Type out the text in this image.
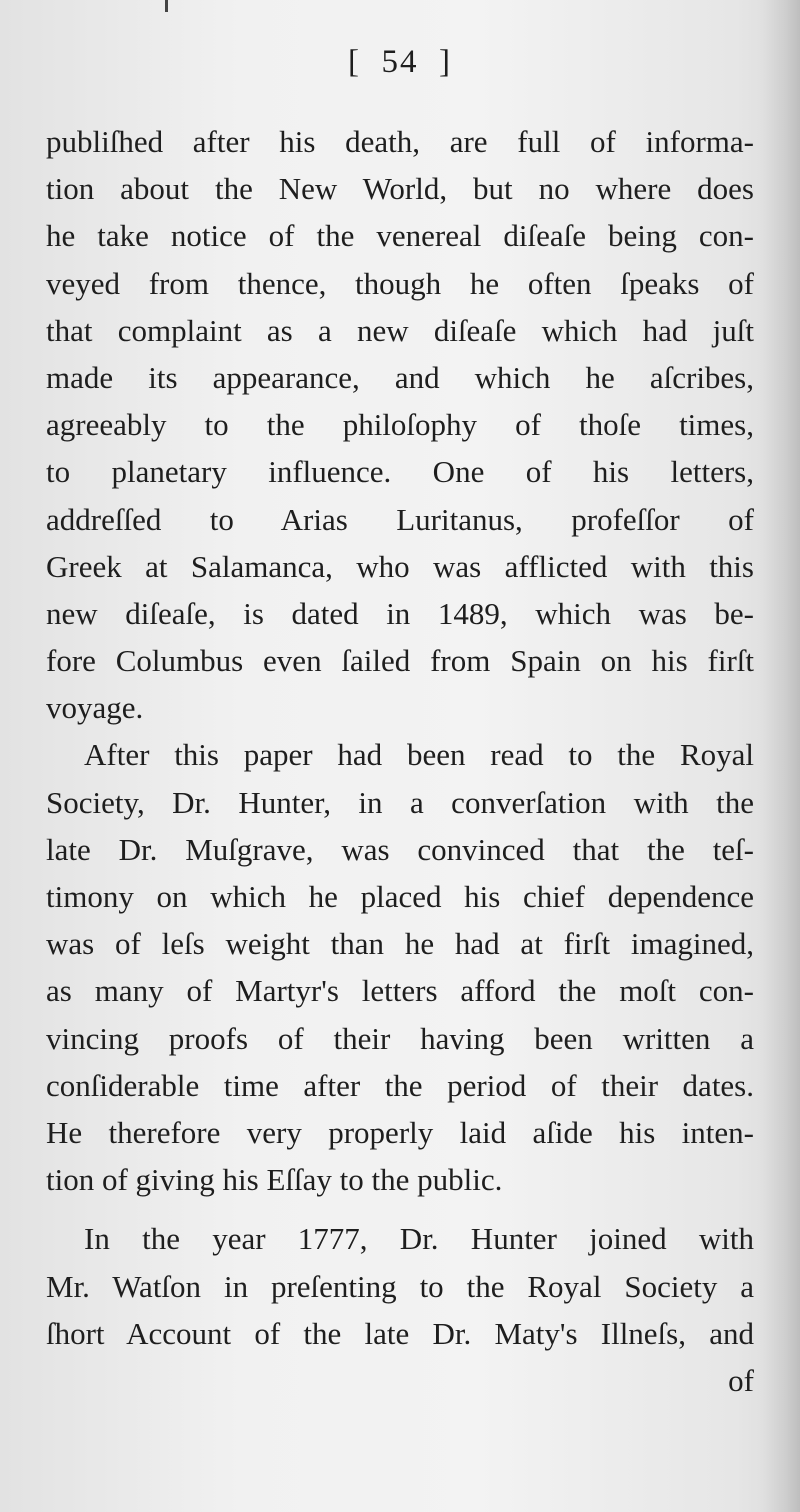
[  54  ]
publiſhed after his death, are full of informa-
tion about the New World, but no where does
he take notice of the venereal diſeaſe being con-
veyed from thence, though he often ſpeaks of
that complaint as a new diſeaſe which had juſt
made its appearance, and which he aſcribes,
agreeably to the philoſophy of thoſe times,
to planetary influence. One of his letters,
addreſſed to Arias Luritanus, profeſſor of
Greek at Salamanca, who was afflicted with this
new diſeaſe, is dated in 1489, which was be-
fore Columbus even ſailed from Spain on his firſt
voyage.
After this paper had been read to the Royal
Society, Dr. Hunter, in a converſation with the
late Dr. Muſgrave, was convinced that the teſ-
timony on which he placed his chief dependence
was of leſs weight than he had at firſt imagined,
as many of Martyr's letters afford the moſt con-
vincing proofs of their having been written a
conſiderable time after the period of their dates.
He therefore very properly laid aſide his inten-
tion of giving his Eſſay to the public.
In the year 1777, Dr. Hunter joined with
Mr. Watſon in preſenting to the Royal Society a
ſhort Account of the late Dr. Maty's Illneſs, and
of
